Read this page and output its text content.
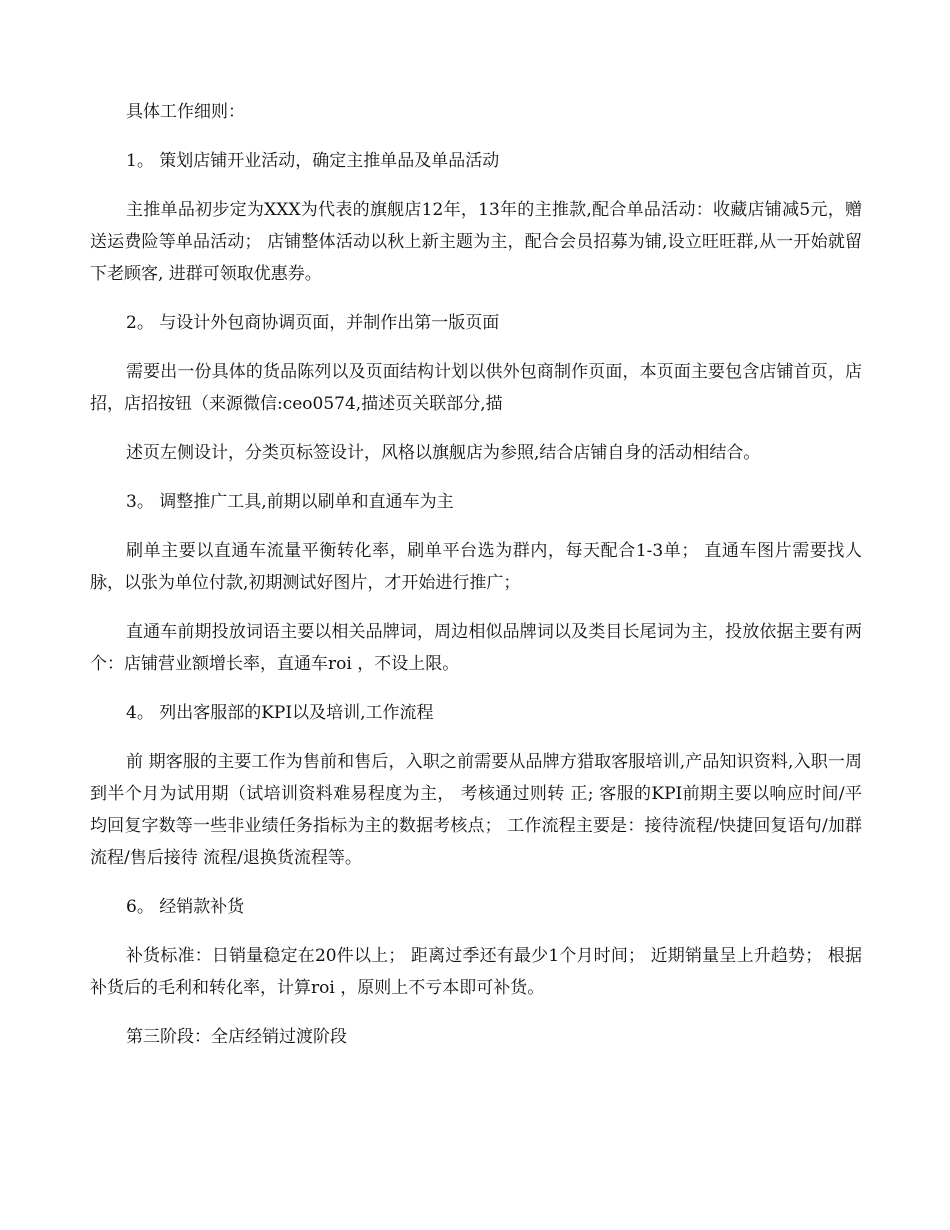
具体工作细则：

1。 策划店铺开业活动，确定主推单品及单品活动

主推单品初步定为XXX为代表的旗舰店12年，13年的主推款,配合单品活动：收藏店铺减5元，赠送运费险等单品活动； 店铺整体活动以秋上新主题为主，配合会员招募为铺,设立旺旺群,从一开始就留下老顾客, 进群可领取优惠券。

2。 与设计外包商协调页面，并制作出第一版页面

需要出一份具体的货品陈列以及页面结构计划以供外包商制作页面，本页面主要包含店铺首页，店招，店招按钮（来源微信:ceo0574,描述页关联部分,描

述页左侧设计，分类页标签设计，风格以旗舰店为参照,结合店铺自身的活动相结合。

3。 调整推广工具,前期以刷单和直通车为主

刷单主要以直通车流量平衡转化率，刷单平台选为群内，每天配合1-3单； 直通车图片需要找人脉，以张为单位付款,初期测试好图片，才开始进行推广；

直通车前期投放词语主要以相关品牌词，周边相似品牌词以及类目长尾词为主，投放依据主要有两个：店铺营业额增长率，直通车roi ，不设上限。

4。 列出客服部的KPI以及培训,工作流程

前 期客服的主要工作为售前和售后，入职之前需要从品牌方猎取客服培训,产品知识资料,入职一周到半个月为试用期（试培训资料难易程度为主， 考核通过则转 正; 客服的KPI前期主要以响应时间/平均回复字数等一些非业绩任务指标为主的数据考核点； 工作流程主要是：接待流程/快捷回复语句/加群流程/售后接待 流程/退换货流程等。

6。 经销款补货

补货标准：日销量稳定在20件以上； 距离过季还有最少1个月时间； 近期销量呈上升趋势； 根据补货后的毛利和转化率，计算roi ，原则上不亏本即可补货。

第三阶段：全店经销过渡阶段
